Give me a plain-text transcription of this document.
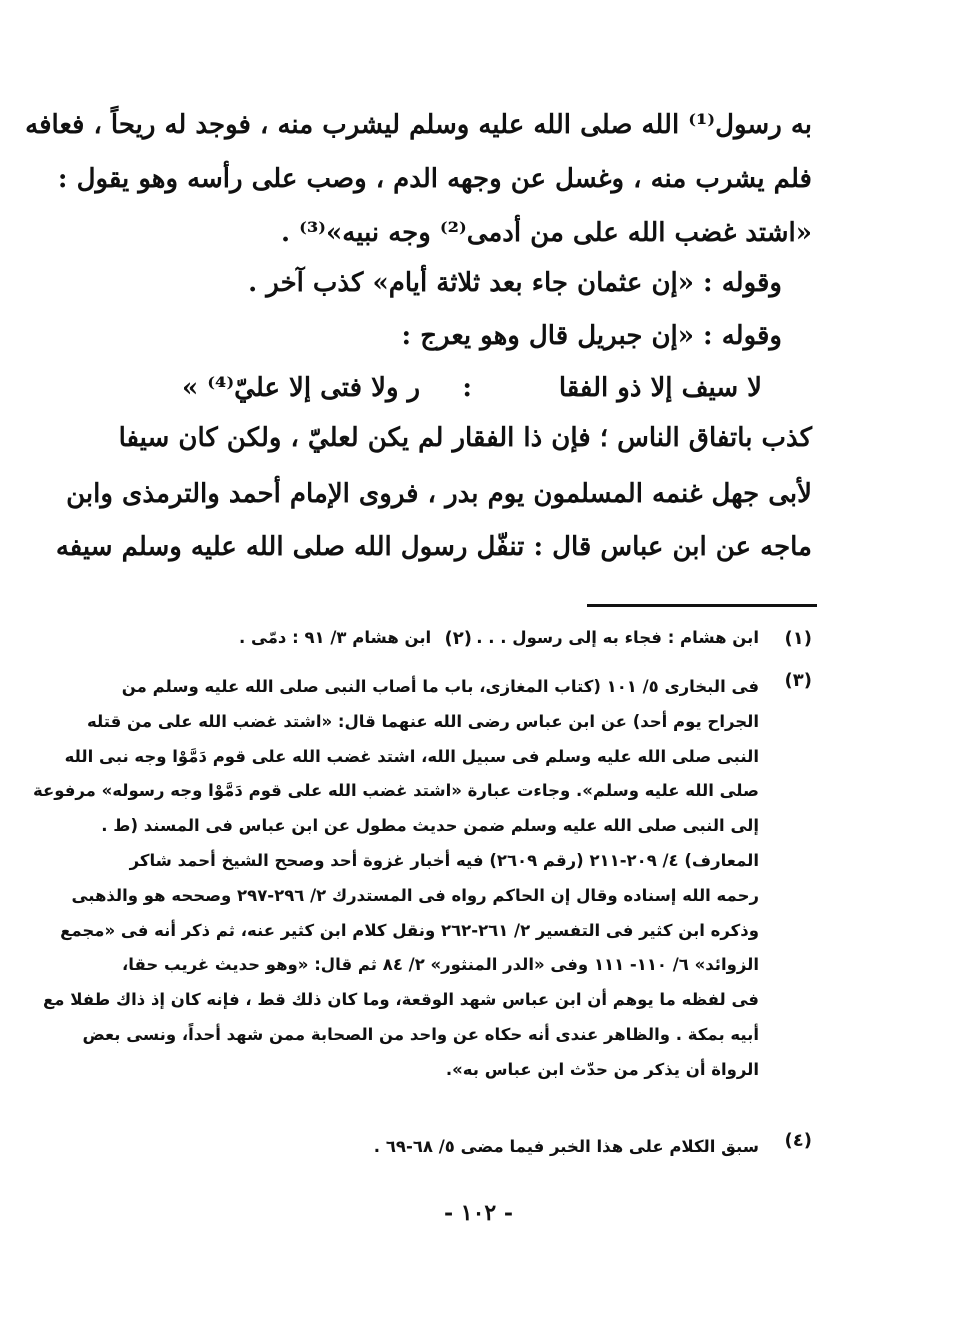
به رسول⁽¹⁾ الله صلى الله عليه وسلم ليشرب منه ، فوجد له ريحاً ، فعافه
فلم يشرب منه ، وغسل عن وجهه الدم ، وصب على رأسه وهو يقول :
«اشتد غضب الله على من أدمى⁽²⁾ وجه نبيه»⁽³⁾ .
وقوله : «إن عثمان جاء بعد ثلاثة أيام» كذب آخر .
وقوله : «إن جبريل قال وهو يعرج :
لا سيف إلا ذو الفقا
:
ر ولا فتى إلا عليّ⁽⁴⁾ »
كذب باتفاق الناس ؛ فإن ذا الفقار لم يكن لعليّ ، ولكن كان سيفا
لأبى جهل غنمه المسلمون يوم بدر ، فروى الإمام أحمد والترمذى وابن
ماجه عن ابن عباس قال : تنفّل رسول الله صلى الله عليه وسلم سيفه
(١)
ابن هشام : فجاء به إلى رسول . . .
(٢)
ابن هشام ٣/ ٩١ : دمّى .
(٣)
فى البخارى ٥/ ١٠١ (كتاب المغازى، باب ما أصاب النبى صلى الله عليه وسلم من
الجراح يوم أحد) عن ابن عباس رضى الله عنهما قال: «اشتد غضب الله على من قتله
النبى صلى الله عليه وسلم فى سبيل الله، اشتد غضب الله على قوم دَمَّوْا وجه نبى الله
صلى الله عليه وسلم». وجاءت عبارة «اشتد غضب الله على قوم دَمَّوْا وجه رسوله» مرفوعة
إلى النبى صلى الله عليه وسلم ضمن حديث مطول عن ابن عباس فى المسند (ط .
المعارف) ٤/ ٢٠٩-٢١١ (رقم ٢٦٠٩) فيه أخبار غزوة أحد وصحح الشيخ أحمد شاكر
رحمه الله إسناده وقال إن الحاكم رواه فى المستدرك ٢/ ٢٩٦-٢٩٧ وصححه هو والذهبى
وذكره ابن كثير فى التفسير ٢/ ٢٦١-٢٦٢ ونقل كلام ابن كثير عنه، ثم ذكر أنه فى «مجمع
الزوائد» ٦/ ١١٠- ١١١ وفى «الدر المنثور» ٢/ ٨٤ ثم قال: «وهو حديث غريب حقا،
فى لفظه ما يوهم أن ابن عباس شهد الوقعة، وما كان ذلك قط ، فإنه كان إذ ذاك طفلا مع
أبيه بمكة . والظاهر عندى أنه حكاه عن واحد من الصحابة ممن شهد أحداً، ونسى بعض
الرواة أن يذكر من حدّث ابن عباس به».
(٤)
سبق الكلام على هذا الخبر فيما مضى ٥/ ٦٨-٦٩ .
- ١٠٢ -
